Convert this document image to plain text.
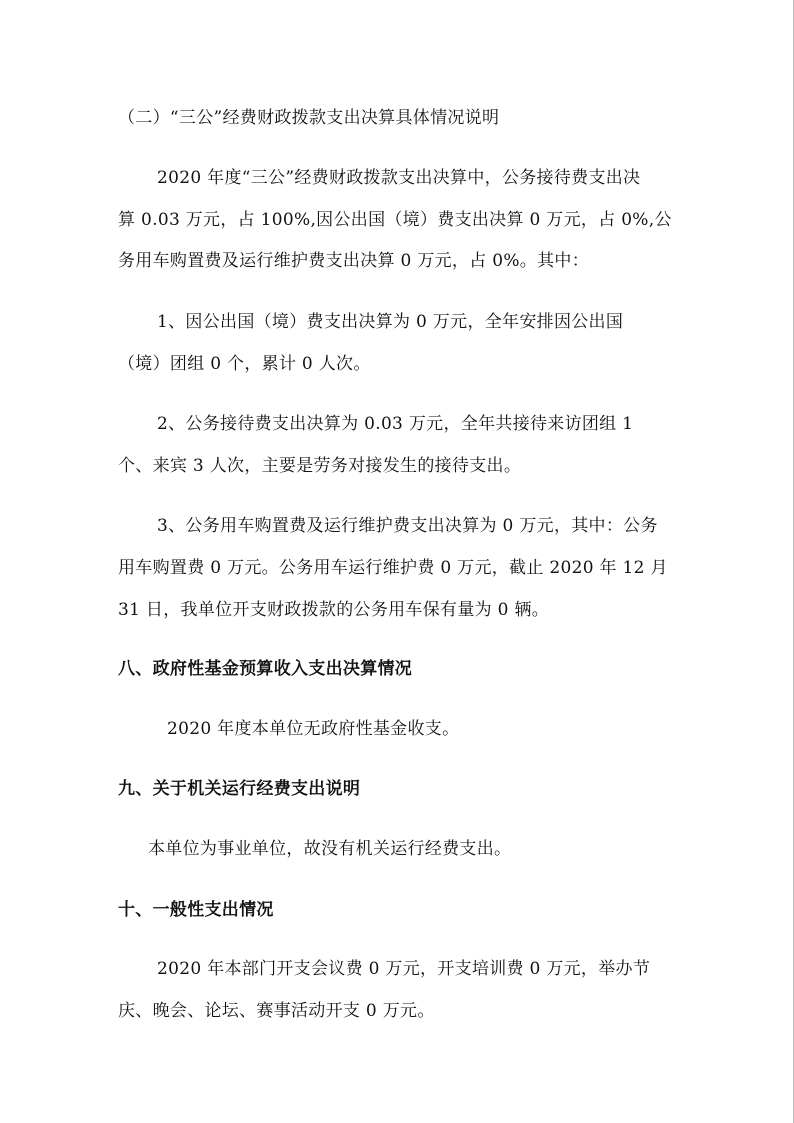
（二）“三公”经费财政拨款支出决算具体情况说明
2020 年度“三公”经费财政拨款支出决算中，公务接待费支出决
算 0.03 万元，占 100%,因公出国（境）费支出决算 0 万元，占 0%,公
务用车购置费及运行维护费支出决算 0 万元，占 0%。其中：
1、因公出国（境）费支出决算为 0 万元，全年安排因公出国
（境）团组 0 个，累计 0 人次。
2、公务接待费支出决算为 0.03 万元，全年共接待来访团组 1
个、来宾 3 人次，主要是劳务对接发生的接待支出。
3、公务用车购置费及运行维护费支出决算为 0 万元，其中：公务
用车购置费 0 万元。公务用车运行维护费 0 万元，截止 2020 年 12 月
31 日，我单位开支财政拨款的公务用车保有量为 0 辆。
八、政府性基金预算收入支出决算情况
2020 年度本单位无政府性基金收支。
九、关于机关运行经费支出说明
本单位为事业单位，故没有机关运行经费支出。
十、一般性支出情况
2020 年本部门开支会议费 0 万元，开支培训费 0 万元，举办节
庆、晚会、论坛、赛事活动开支 0 万元。
